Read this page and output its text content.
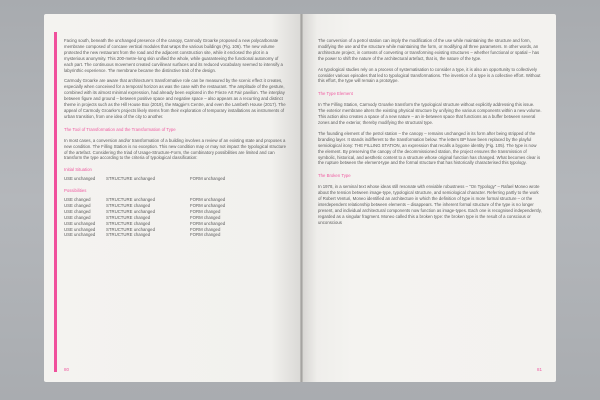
Facing south, beneath the unchanged presence of the canopy, Carmody Groarke proposed a new polycarbonate membrane composed of concave vertical modules that wraps the various buildings (Fig. 106). The new volume protected the new restaurant from the road and the adjacent construction site, while it enclosed the plot in a mysterious anonymity. This 200-metre-long skin unified the whole, while guaranteeing the functional autonomy of each part. The continuous movement created curvilinear surfaces and its reduced vocabulary seemed to intensify a labyrinthic experience. The membrane became the distinctive trait of the design.

Carmody Groarke are aware that architecture's transformative role can be measured by the scenic effect it creates, especially when conceived for a temporal horizon as was the case with the restaurant. The amplitude of the gesture, combined with its almost minimal expression, had already been explored in the Frieze Art Fair pavilion. The interplay between figure and ground – between positive space and negative space – also appears as a recurring and distinct theme in projects such as the Hill House Box (2019), the Maggie's Centre, and even the Lambeth House (2017). The appeal of Carmody Groarke's projects likely stems from their exploration of temporary installations as instruments of urban transition, from one idea of the city to another.

The Tool of Transformation and the Transformation of Type

In most cases, a conversion and/or transformation of a building involves a review of an existing state and proposes a new condition. The Filling Station is no exception. This new condition may or may not impact the typological structure of the artefact. Considering the triad of Usage-Structure-Form, the combinatory possibilities are limited and can transform the type according to the criteria of typological classification:

Initial Situation
USE unchanged	STRUCTURE unchanged	FORM unchanged
Possibilities
USE changed	STRUCTURE unchanged	FORM unchanged
USE changed	STRUCTURE changed	FORM unchanged
USE changed	STRUCTURE unchanged	FORM changed
USE changed	STRUCTURE changed	FORM changed
USE unchanged	STRUCTURE changed	FORM unchanged
USE unchanged	STRUCTURE unchanged	FORM changed
USE unchanged	STRUCTURE changed	FORM changed
80

The conversion of a petrol station can imply the modification of the use while maintaining the structure and form, modifying the use and the structure while maintaining the form, or modifying all three parameters. In other words, an architecture project, in contexts of converting or transforming existing structures – whether functional or spatial – has the power to shift the nature of the architectural artefact, that is, the nature of the type.

As typological studies rely on a process of systematisation to consider a type, it is also an opportunity to collectively consider various episodes that led to typological transformations. The invention of a type is a collective effort. Without this effort, the type will remain a prototype.

The Type Element

In The Filling Station, Carmody Groarke transform the typological structure without explicitly addressing this issue. The exterior membrane alters the existing physical structure by unifying the various components within a new volume. This action also creates a space of a new nature – an in-between space that functions as a buffer between several zones and the exterior, thereby modifying the structural type.

The founding element of the petrol station – the canopy – remains unchanged in its form after being stripped of the branding layer. It stands indifferent to the transformation below. The letters BP have been replaced by the playful semiological irony: THE FILLING STATION, an expression that recalls a bygone identity (Fig. 105). The type is now the element. By preserving the canopy of the decommissioned station, the project ensures the transmission of symbolic, historical, and aesthetic content to a structure whose original function has changed. What becomes clear is the rupture between the element-type and the formal structure that has historically characterised this typology.

The Broken Type

In 1978, in a seminal text whose ideas still resonate with enviable robustness – "On Typology" – Rafael Moneo wrote about the tension between image-type, typological structure, and semiological character. Referring partly to the work of Robert Venturi, Moneo identified an architecture in which the definition of type is more formal structure – or the interdependent relationship between elements – disappears. The inherent formal structure of the type is no longer present, and individual architectural components now function as image-types. Each one is recognised independently, regarded as a singular fragment. Moneo called this a broken type: the broken type is the result of a conscious or unconscious

81
